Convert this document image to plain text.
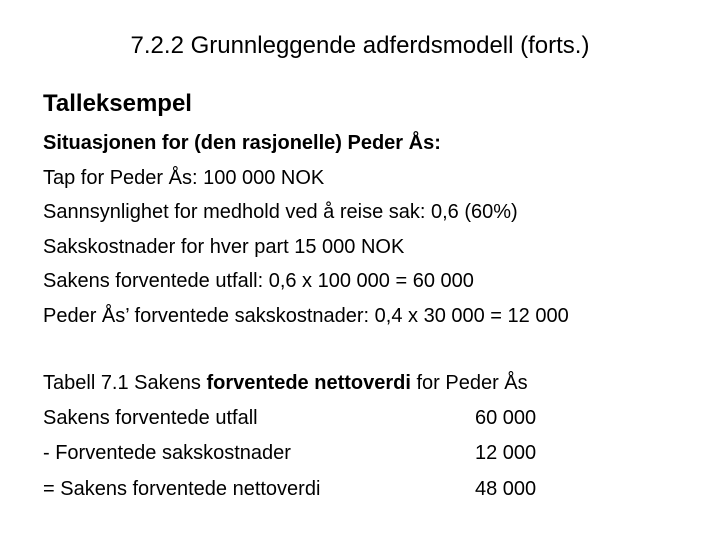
7.2.2 Grunnleggende adferdsmodell (forts.)
Talleksempel
Situasjonen for (den rasjonelle) Peder Ås:
Tap for Peder Ås: 100 000 NOK
Sannsynlighet for medhold ved å reise sak: 0,6 (60%)
Sakskostnader for hver part 15 000 NOK
Sakens forventede utfall: 0,6 x 100 000 = 60 000
Peder Ås’ forventede sakskostnader: 0,4 x 30 000 = 12 000
Tabell 7.1 Sakens forventede nettoverdi for Peder Ås
Sakens forventede utfall	60 000
- Forventede sakskostnader	12 000
= Sakens forventede nettoverdi	48 000
